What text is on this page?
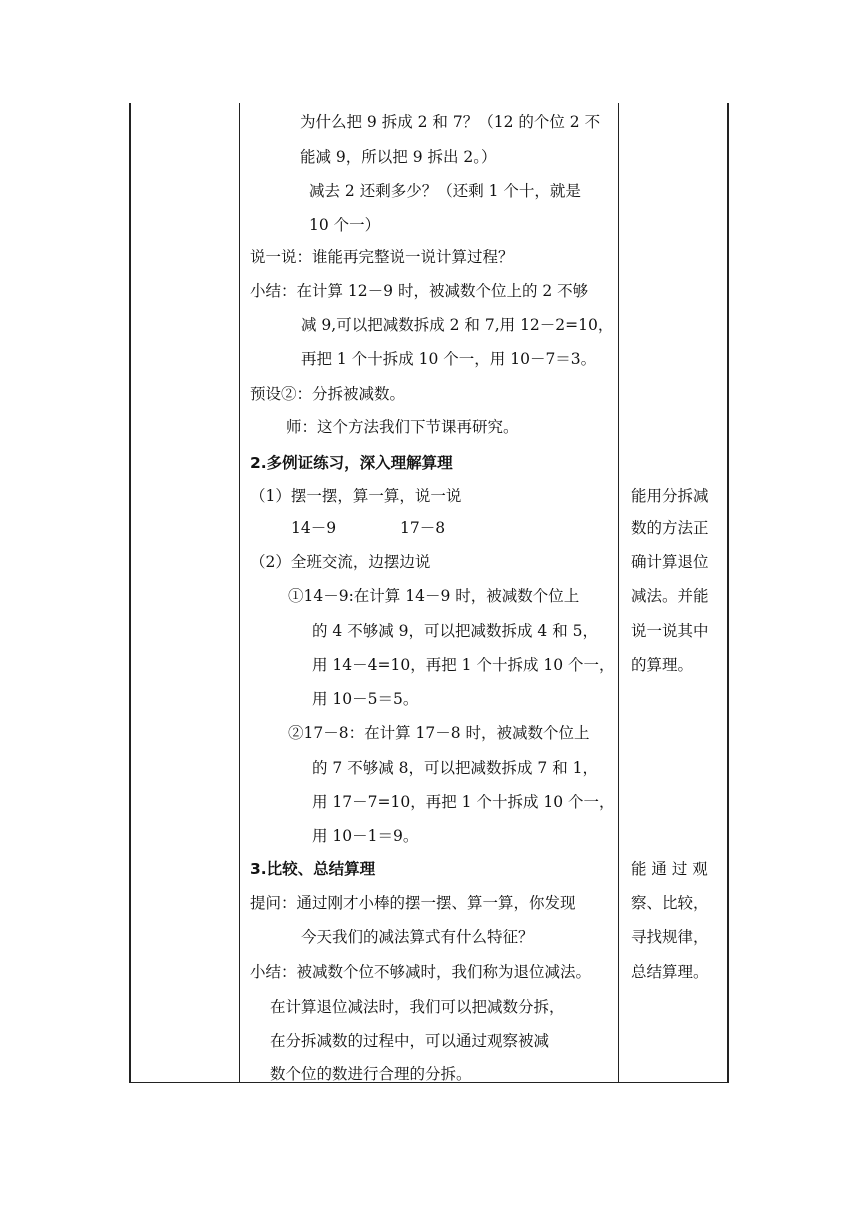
为什么把 9 拆成 2 和 7？（12 的个位 2 不
能减 9，所以把 9 拆出 2。）
减去 2 还剩多少？（还剩 1 个十，就是
10 个一）
说一说：谁能再完整说一说计算过程？
小结：在计算 12－9 时，被减数个位上的 2 不够
减 9,可以把减数拆成 2 和 7,用 12－2=10，
再把 1 个十拆成 10 个一，用 10－7＝3。
预设②：分拆被减数。
师：这个方法我们下节课再研究。
2.多例证练习，深入理解算理
（1）摆一摆，算一算，说一说
14－9	17－8
（2）全班交流，边摆边说
①14－9:在计算 14－9 时，被减数个位上
的 4 不够减 9，可以把减数拆成 4 和 5，
用 14－4=10，再把 1 个十拆成 10 个一，
用 10－5＝5。
②17－8：在计算 17－8 时，被减数个位上
的 7 不够减 8，可以把减数拆成 7 和 1，
用 17－7=10，再把 1 个十拆成 10 个一，
用 10－1＝9。
3.比较、总结算理
提问：通过刚才小棒的摆一摆、算一算，你发现
今天我们的减法算式有什么特征？
小结：被减数个位不够减时，我们称为退位减法。
在计算退位减法时，我们可以把减数分拆，
在分拆减数的过程中，可以通过观察被减
数个位的数进行合理的分拆。
能用分拆减
数的方法正
确计算退位
减法。并能
说一说其中
的算理。
能 通 过 观
察、比较，
寻找规律，
总结算理。
